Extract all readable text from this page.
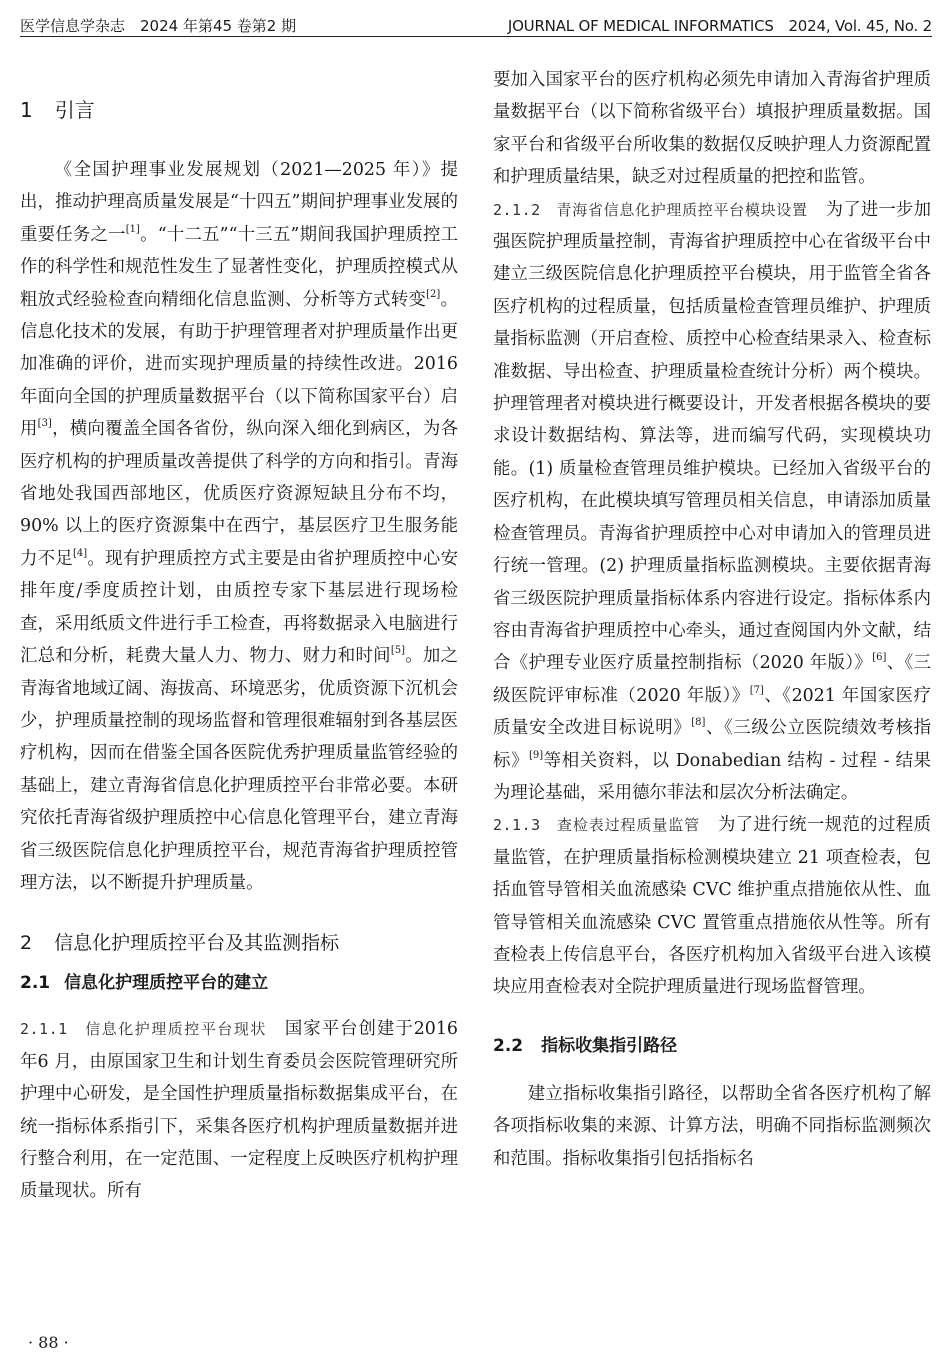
医学信息学杂志　2024 年第45 卷第2 期	JOURNAL OF MEDICAL INFORMATICS　2024, Vol. 45, No. 2
1 引言

《全国护理事业发展规划（2021—2025 年）》提出，推动护理高质量发展是“十四五”期间护理事业发展的重要任务之一[1]。“十二五”“十三五”期间我国护理质控工作的科学性和规范性发生了显著性变化，护理质控模式从粗放式经验检查向精细化信息监测、分析等方式转变[2]。信息化技术的发展，有助于护理管理者对护理质量作出更加准确的评价，进而实现护理质量的持续性改进。2016 年面向全国的护理质量数据平台（以下简称国家平台）启用[3]，横向覆盖全国各省份，纵向深入细化到病区，为各医疗机构的护理质量改善提供了科学的方向和指引。青海省地处我国西部地区，优质医疗资源短缺且分布不均，90% 以上的医疗资源集中在西宁，基层医疗卫生服务能力不足[4]。现有护理质控方式主要是由省护理质控中心安排年度/季度质控计划，由质控专家下基层进行现场检查，采用纸质文件进行手工检查，再将数据录入电脑进行汇总和分析，耗费大量人力、物力、财力和时间[5]。加之青海省地域辽阔、海拔高、环境恶劣，优质资源下沉机会少，护理质量控制的现场监督和管理很难辐射到各基层医疗机构，因而在借鉴全国各医院优秀护理质量监管经验的基础上，建立青海省信息化护理质控平台非常必要。本研究依托青海省级护理质控中心信息化管理平台，建立青海省三级医院信息化护理质控平台，规范青海省护理质控管理方法，以不断提升护理质量。

2 信息化护理质控平台及其监测指标
2.1 信息化护理质控平台的建立

2.1.1　 信息化护理质控平台现状 国家平台创建于2016 年6 月，由原国家卫生和计划生育委员会医院管理研究所护理中心研发，是全国性护理质量指标数据集成平台，在统一指标体系指引下，采集各医疗机构护理质量数据并进行整合利用，在一定范围、一定程度上反映医疗机构护理质量现状。所有

要加入国家平台的医疗机构必须先申请加入青海省护理质量数据平台（以下简称省级平台）填报护理质量数据。国家平台和省级平台所收集的数据仅反映护理人力资源配置和护理质量结果，缺乏对过程质量的把控和监管。

2.1.2　 青海省信息化护理质控平台模块设置 为了进一步加强医院护理质量控制，青海省护理质控中心在省级平台中建立三级医院信息化护理质控平台模块，用于监管全省各医疗机构的过程质量，包括质量检查管理员维护、护理质量指标监测（开启查检、质控中心检查结果录入、检查标准数据、导出检查、护理质量检查统计分析）两个模块。护理管理者对模块进行概要设计，开发者根据各模块的要求设计数据结构、算法等，进而编写代码，实现模块功能。(1) 质量检查管理员维护模块。已经加入省级平台的医疗机构，在此模块填写管理员相关信息，申请添加质量检查管理员。青海省护理质控中心对申请加入的管理员进行统一管理。(2) 护理质量指标监测模块。主要依据青海省三级医院护理质量指标体系内容进行设定。指标体系内容由青海省护理质控中心牵头，通过查阅国内外文献，结合《护理专业医疗质量控制指标（2020 年版）》[6]、《三级医院评审标准（2020 年版）》[7]、《2021 年国家医疗质量安全改进目标说明》[8]、《三级公立医院绩效考核指标》[9]等相关资料，以 Donabedian 结构 - 过程 - 结果为理论基础，采用德尔菲法和层次分析法确定。

2.1.3　 查检表过程质量监管 为了进行统一规范的过程质量监管，在护理质量指标检测模块建立 21 项查检表，包括血管导管相关血流感染 CVC 维护重点措施依从性、血管导管相关血流感染 CVC 置管重点措施依从性等。所有查检表上传信息平台，各医疗机构加入省级平台进入该模块应用查检表对全院护理质量进行现场监督管理。

2.2 指标收集指引路径

建立指标收集指引路径，以帮助全省各医疗机构了解各项指标收集的来源、计算方法，明确不同指标监测频次和范围。指标收集指引包括指标名

· 88 ·
